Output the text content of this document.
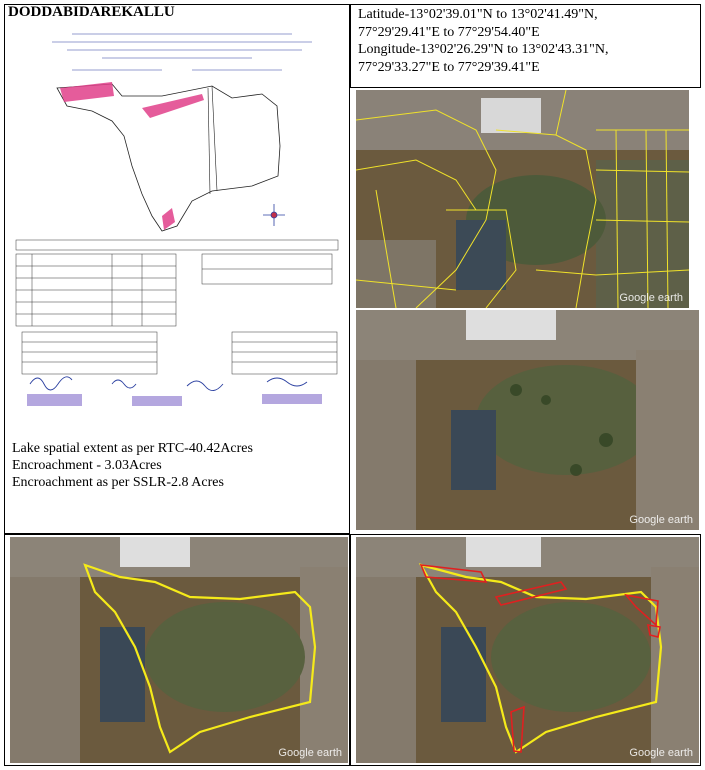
DODDABIDAREKALLU
Lake spatial extent as per RTC-40.42Acres
Encroachment - 3.03Acres
Encroachment as per SSLR-2.8 Acres
Latitude-13°02'39.01"N to 13°02'41.49"N,
77°29'29.41"E to 77°29'54.40"E
Longitude-13°02'26.29"N to 13°02'43.31"N,
77°29'33.27"E to 77°29'39.41"E
Google earth
Google earth
Google earth	Google earth
